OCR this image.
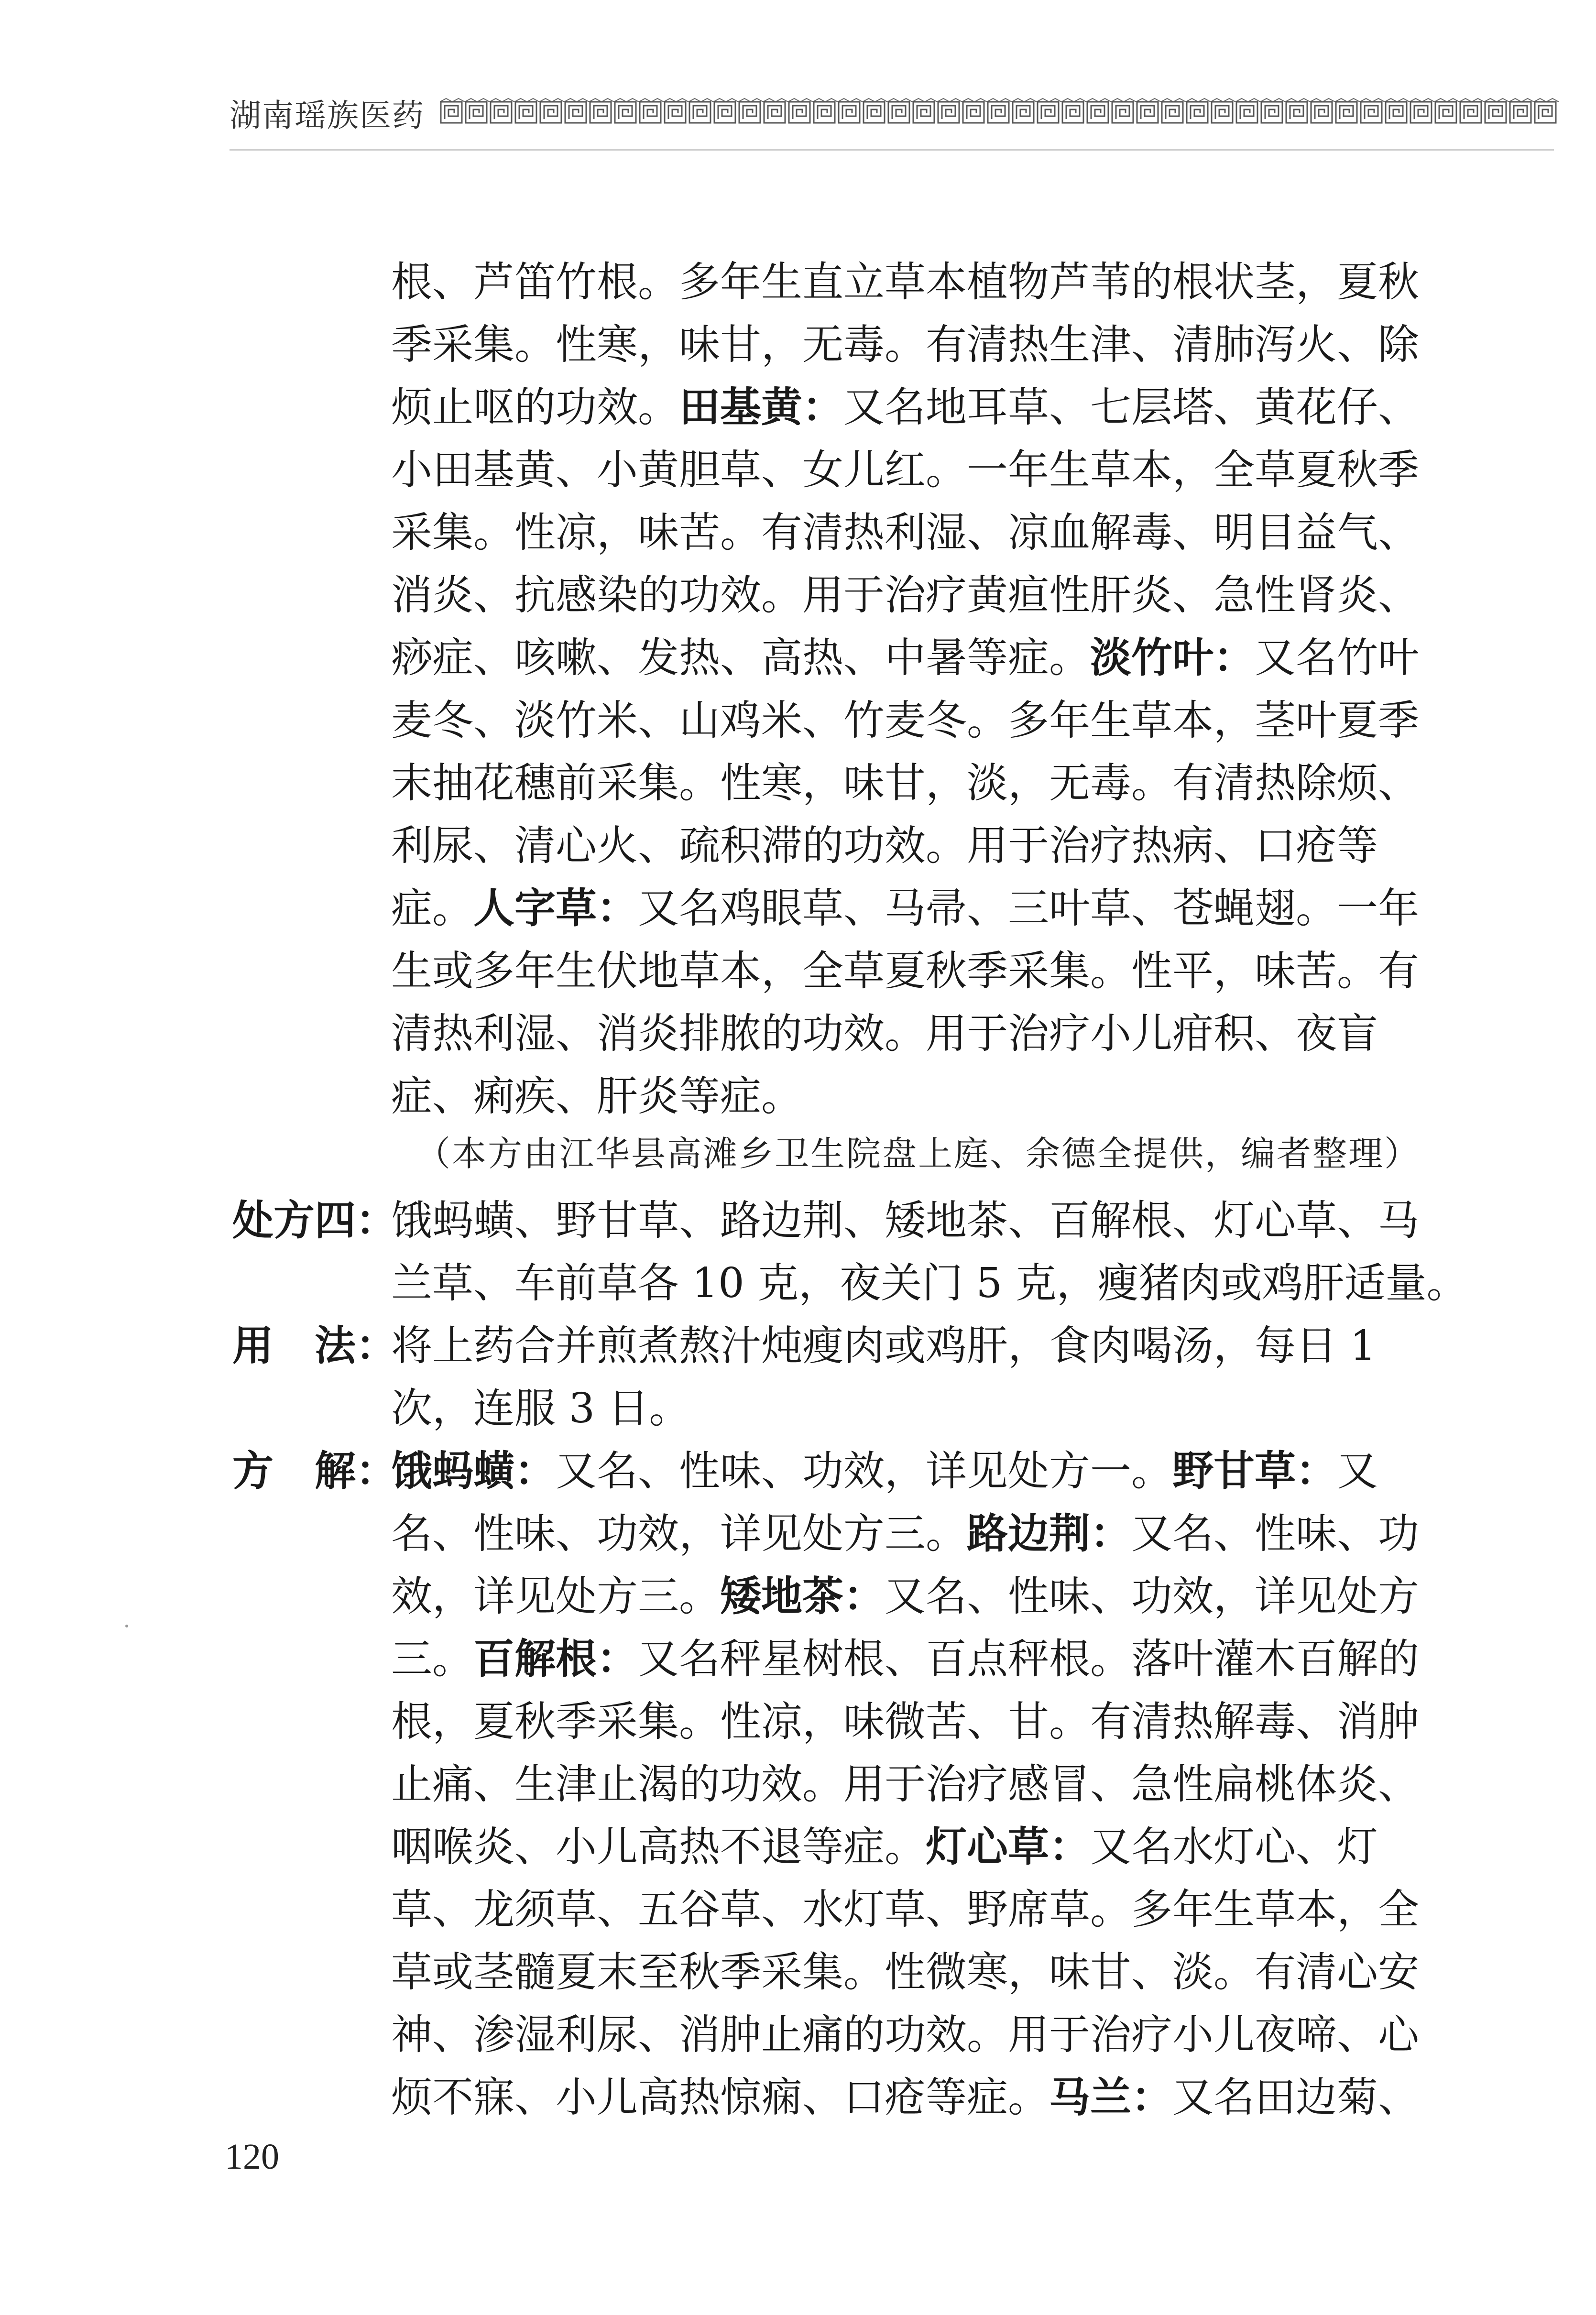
湖南瑶族医药
根、芦笛竹根。多年生直立草本植物芦苇的根状茎，夏秋
季采集。性寒，味甘，无毒。有清热生津、清肺泻火、除
烦止呕的功效。田基黄：又名地耳草、七层塔、黄花仔、
小田基黄、小黄胆草、女儿红。一年生草本，全草夏秋季
采集。性凉，味苦。有清热利湿、凉血解毒、明目益气、
消炎、抗感染的功效。用于治疗黄疸性肝炎、急性肾炎、
痧症、咳嗽、发热、高热、中暑等症。淡竹叶：又名竹叶
麦冬、淡竹米、山鸡米、竹麦冬。多年生草本，茎叶夏季
末抽花穗前采集。性寒，味甘，淡，无毒。有清热除烦、
利尿、清心火、疏积滞的功效。用于治疗热病、口疮等
症。人字草：又名鸡眼草、马帚、三叶草、苍蝇翅。一年
生或多年生伏地草本，全草夏秋季采集。性平，味苦。有
清热利湿、消炎排脓的功效。用于治疗小儿疳积、夜盲
症、痢疾、肝炎等症。
（本方由江华县高滩乡卫生院盘上庭、余德全提供，编者整理）
处方四：
饿蚂蟥、野甘草、路边荆、矮地茶、百解根、灯心草、马
兰草、车前草各 10 克，夜关门 5 克，瘦猪肉或鸡肝适量。
用　法：
将上药合并煎煮熬汁炖瘦肉或鸡肝，食肉喝汤，每日 1
次，连服 3 日。
方　解：
饿蚂蟥：又名、性味、功效，详见处方一。野甘草：又
名、性味、功效，详见处方三。路边荆：又名、性味、功
效，详见处方三。矮地茶：又名、性味、功效，详见处方
三。百解根：又名秤星树根、百点秤根。落叶灌木百解的
根，夏秋季采集。性凉，味微苦、甘。有清热解毒、消肿
止痛、生津止渴的功效。用于治疗感冒、急性扁桃体炎、
咽喉炎、小儿高热不退等症。灯心草：又名水灯心、灯
草、龙须草、五谷草、水灯草、野席草。多年生草本，全
草或茎髓夏末至秋季采集。性微寒，味甘、淡。有清心安
神、渗湿利尿、消肿止痛的功效。用于治疗小儿夜啼、心
烦不寐、小儿高热惊痫、口疮等症。马兰：又名田边菊、
120
